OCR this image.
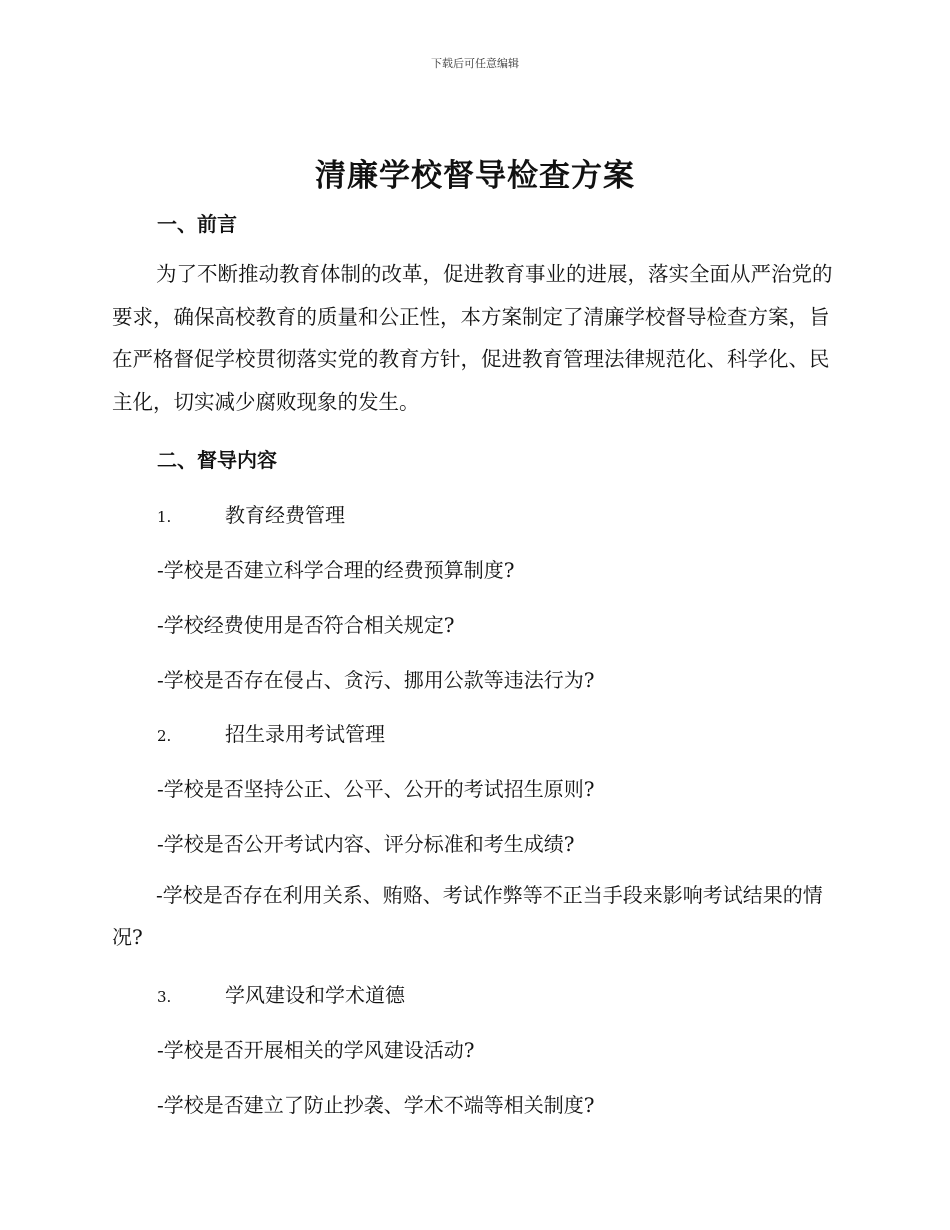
下载后可任意编辑
清廉学校督导检查方案
一、前言
为了不断推动教育体制的改革，促进教育事业的进展，落实全面从严治党的要求，确保高校教育的质量和公正性，本方案制定了清廉学校督导检查方案，旨在严格督促学校贯彻落实党的教育方针，促进教育管理法律规范化、科学化、民主化，切实减少腐败现象的发生。
二、督导内容
1.	教育经费管理
-学校是否建立科学合理的经费预算制度?
-学校经费使用是否符合相关规定?
-学校是否存在侵占、贪污、挪用公款等违法行为?
2.	招生录用考试管理
-学校是否坚持公正、公平、公开的考试招生原则?
-学校是否公开考试内容、评分标准和考生成绩?
-学校是否存在利用关系、贿赂、考试作弊等不正当手段来影响考试结果的情况?
3.	学风建设和学术道德
-学校是否开展相关的学风建设活动?
-学校是否建立了防止抄袭、学术不端等相关制度?
